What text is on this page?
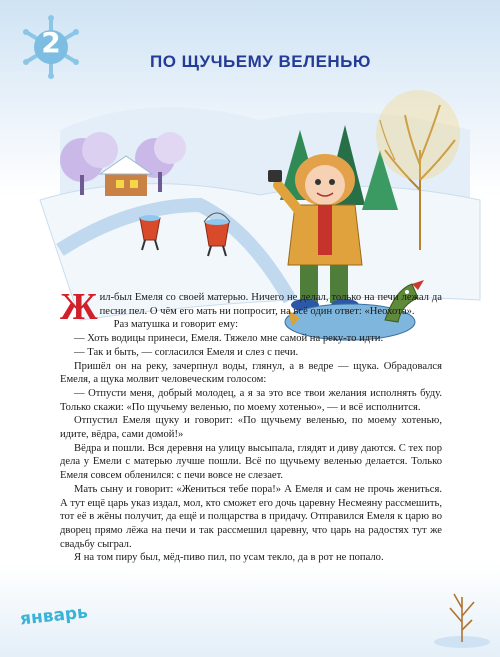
2
ПО ЩУЧЬЕМУ ВЕЛЕНЬЮ

Жил-был Емеля со своей матерью. Ничего не делал, только на печи лежал да песни пел. О чём его мать ни попросит, на всё один ответ: «Неохота».

Раз матушка и говорит ему:

— Хоть водицы принеси, Емеля. Тяжело мне самой на реку-то идти.

— Так и быть, — согласился Емеля и слез с печи.

Пришёл он на реку, зачерпнул воды, глянул, а в ведре — щука. Обрадовался Емеля, а щука молвит человеческим голосом:

— Отпусти меня, добрый молодец, а я за это все твои желания исполнять буду. Только скажи: «По щучьему веленью, по моему хотенью», — и всё исполнится.

Отпустил Емеля щуку и говорит: «По щучьему веленью, по моему хотенью, идите, вёдра, сами домой!»

Вёдра и пошли. Вся деревня на улицу высыпала, глядят и диву даются. С тех пор дела у Емели с матерью лучше пошли. Всё по щучьему веленью делается. Только Емеля совсем обленился: с печи вовсе не слезает.

Мать сыну и говорит: «Жениться тебе пора!» А Емеля и сам не прочь жениться. А тут ещё царь указ издал, мол, кто сможет его дочь царевну Несмеяну рассмешить, тот её в жёны получит, да ещё и полцарства в придачу. Отправился Емеля к царю во дворец прямо лёжа на печи и так рассмешил царевну, что царь на радостях тут же свадьбу сыграл.

Я на том пиру был, мёд-пиво пил, по усам текло, да в рот не попало.

январь
